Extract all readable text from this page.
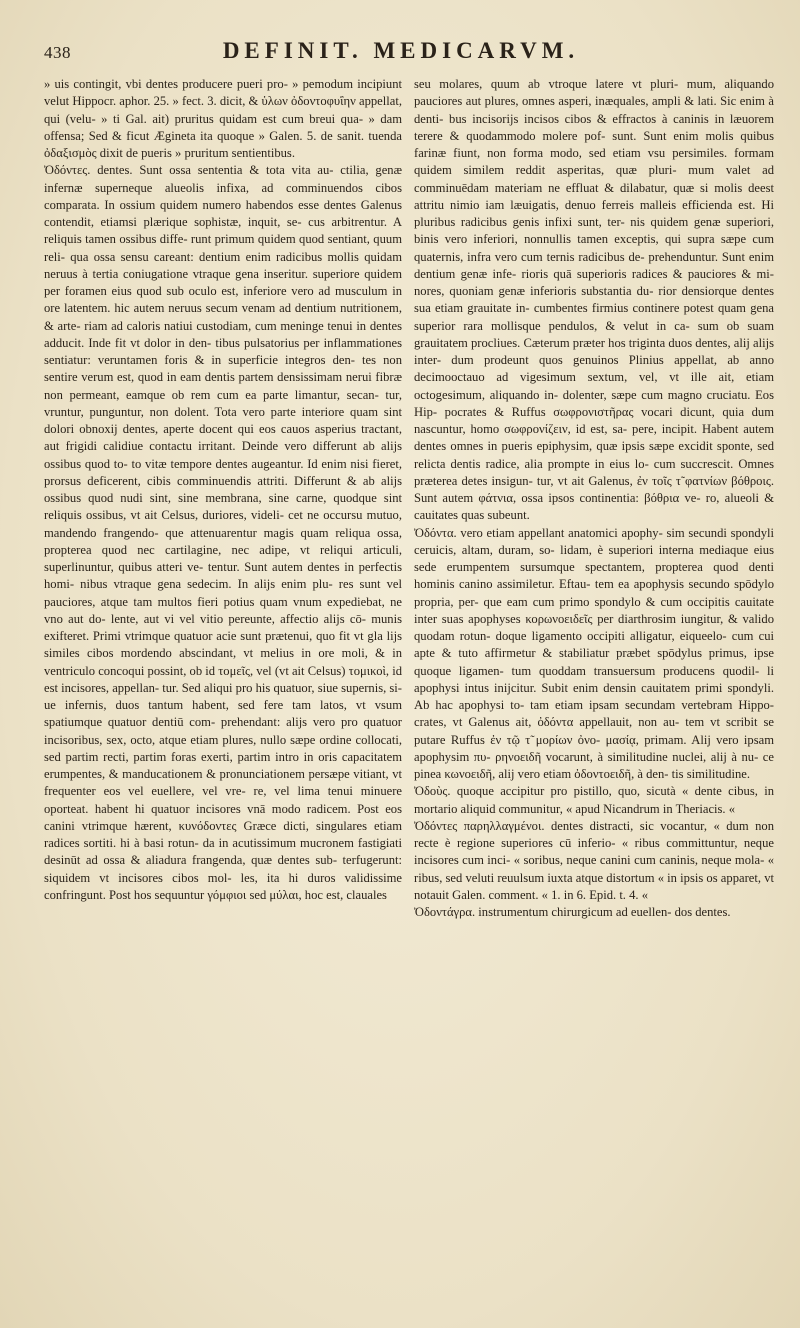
438	DEFINIT. MEDICARVM.

» uis contingit, vbi dentes producere pueri pro- » pemodum incipiunt velut Hippocr. aphor. 25. » fect. 3. dicit, & ὑλων ὀδοντοφυΐην appellat, qui (velu- » ti Gal. ait) pruritus quidam est cum breui qua- » dam offensa; Sed & ficut Ægineta ita quoque » Galen. 5. de sanit. tuenda ὀδαξισμὸς dixit de pueris » pruritum sentientibus.

Ὀδόντες. dentes. Sunt ossa sententia & tota vita au- ctilia, genæ infernæ superneque alueolis infixa, ad comminuendos cibos comparata. In ossium quidem numero habendos esse dentes Galenus contendit, etiamsi plærique sophistæ, inquit, se- cus arbitrentur. A reliquis tamen ossibus diffe- runt primum quidem quod sentiant, quum reli- qua ossa sensu careant: dentium enim radicibus mollis quidam neruus à tertia coniugatione vtraque gena inseritur. superiore quidem per foramen eius quod sub oculo est, inferiore vero ad musculum in ore latentem. hic autem neruus secum venam ad dentium nutritionem, & arte- riam ad caloris natiui custodiam, cum meninge tenui in dentes adducit. Inde fit vt dolor in den- tibus pulsatorius per inflammationes sentiatur: veruntamen foris & in superficie integros den- tes non sentire verum est, quod in eam dentis partem densissimam nerui fibræ non permeant, eamque ob rem cum ea parte limantur, secan- tur, vruntur, punguntur, non dolent. Tota vero parte interiore quam sint dolori obnoxij dentes, aperte docent qui eos cauos asperius tractant, aut frigidi calidiue contactu irritant. Deinde vero differunt ab alijs ossibus quod to- to vitæ tempore dentes augeantur. Id enim nisi fieret, prorsus deficerent, cibis comminuendis attriti. Differunt & ab alijs ossibus quod nudi sint, sine membrana, sine carne, quodque sint reliquis ossibus, vt ait Celsus, duriores, videli- cet ne occursu mutuo, mandendo frangendo- que attenuarentur magis quam reliqua ossa, propterea quod nec cartilagine, nec adipe, vt reliqui articuli, superlinuntur, quibus atteri ve- tentur. Sunt autem dentes in perfectis homi- nibus vtraque gena sedecim. In alijs enim plu- res sunt vel pauciores, atque tam multos fieri potius quam vnum expediebat, ne vno aut do- lente, aut vi vel vitio pereunte, affectio alijs cō- munis exifteret. Primi vtrimque quatuor acie sunt prætenui, quo fit vt gla lijs similes cibos mordendo abscindant, vt melius in ore moli, & in ventriculo concoqui possint, ob id τομεῖς, vel (vt ait Celsus) τομικοὶ, id est incisores, appellan- tur. Sed aliqui pro his quatuor, siue supernis, si- ue infernis, duos tantum habent, sed fere tam latos, vt vsum spatiumque quatuor dentiū com- prehendant: alijs vero pro quatuor incisoribus, sex, octo, atque etiam plures, nullo sæpe ordine collocati, sed partim recti, partim foras exerti, partim intro in oris capacitatem erumpentes, & manducationem & pronunciationem persæpe vitiant, vt frequenter eos vel euellere, vel vre- re, vel lima tenui minuere oporteat. habent hi quatuor incisores vnā modo radicem. Post eos canini vtrimque hærent, κυνόδοντες Græce dicti, singulares etiam radices sortiti. hi à basi rotun- da in acutissimum mucronem fastigiati desinūt ad ossa & aliadura frangenda, quæ dentes sub- terfugerunt: siquidem vt incisores cibos mol- les, ita hi duros validissime confringunt. Post hos sequuntur γόμφιοι sed μύλαι, hoc est, clauales

seu molares, quum ab vtroque latere vt pluri- mum, aliquando pauciores aut plures, omnes asperi, inæquales, ampli & lati. Sic enim à denti- bus incisorijs incisos cibos & effractos à caninis in læuorem terere & quodammodo molere pof- sunt. Sunt enim molis quibus farinæ fiunt, non forma modo, sed etiam vsu persimiles. formam quidem similem reddit asperitas, quæ pluri- mum valet ad comminuēdam materiam ne effluat & dilabatur, quæ si molis deest attritu nimio iam læuigatis, denuo ferreis malleis efficienda est. Hi pluribus radicibus genis infixi sunt, ter- nis quidem genæ superiori, binis vero inferiori, nonnullis tamen exceptis, qui supra sæpe cum quaternis, infra vero cum ternis radicibus de- prehenduntur. Sunt enim dentium genæ infe- rioris quā superioris radices & pauciores & mi- nores, quoniam genæ inferioris substantia du- rior densiorque dentes sua etiam grauitate in- cumbentes firmius continere potest quam gena superior rara mollisque pendulos, & velut in ca- sum ob suam grauitatem procliues. Cæterum præter hos triginta duos dentes, alij alijs inter- dum prodeunt quos genuinos Plinius appellat, ab anno decimooctauo ad vigesimum sextum, vel, vt ille ait, etiam octogesimum, aliquando in- dolenter, sæpe cum magno cruciatu. Eos Hip- pocrates & Ruffus σωφρονιστῆρας vocari dicunt, quia dum nascuntur, homo σωφρονίζειν, id est, sa- pere, incipit. Habent autem dentes omnes in pueris epiphysim, quæ ipsis sæpe excidit sponte, sed relicta dentis radice, alia prompte in eius lo- cum succrescit. Omnes præterea detes insigun- tur, vt ait Galenus, ἐν τοῖς τ̃ φατνίων βόθροις. Sunt autem φάτνια, ossa ipsos continentia: βόθρια ve- ro, alueoli & cauitates quas subeunt.

Ὀδόντα. vero etiam appellant anatomici apophy- sim secundi spondyli ceruicis, altam, duram, so- lidam, è superiori interna mediaque eius sede erumpentem sursumque spectantem, propterea quod denti hominis canino assimiletur. Eftau- tem ea apophysis secundo spōdylo propria, per- que eam cum primo spondylo & cum occipitis cauitate inter suas apophyses κορωνοειδεῖς per diarthrosim iungitur, & valido quodam rotun- doque ligamento occipiti alligatur, eiqueelo- cum cui apte & tuto affirmetur & stabiliatur præbet spōdylus primus, ipse quoque ligamen- tum quoddam transuersum producens quodil- li apophysi intus inijcitur. Subit enim densin cauitatem primi spondyli. Ab hac apophysi to- tam etiam ipsam secundam vertebram Hippo- crates, vt Galenus ait, ὀδόντα appellauit, non au- tem vt scribit se putare Ruffus ἐν τῷ τ̃ μορίων ὀνο- μασίᾳ, primam. Alij vero ipsam apophysim πυ- ρηνοειδῆ vocarunt, à similitudine nuclei, alij à nu- ce pinea κωνοειδῆ, alij vero etiam ὀδοντοειδῆ, à den- tis similitudine.

Ὀδοὺς. quoque accipitur pro pistillo, quo, sicutà « dente cibus, in mortario aliquid communitur, « apud Nicandrum in Theriacis. «

Ὀδόντες παρηλλαγμένοι. dentes distracti, sic vocantur, « dum non recte è regione superiores cū inferio- « ribus committuntur, neque incisores cum inci- « soribus, neque canini cum caninis, neque mola- « ribus, sed veluti reuulsum iuxta atque distortum « in ipsis os apparet, vt notauit Galen. comment. « 1. in 6. Epid. t. 4. «

Ὀδοντάγρα. instrumentum chirurgicum ad euellen- dos dentes.
